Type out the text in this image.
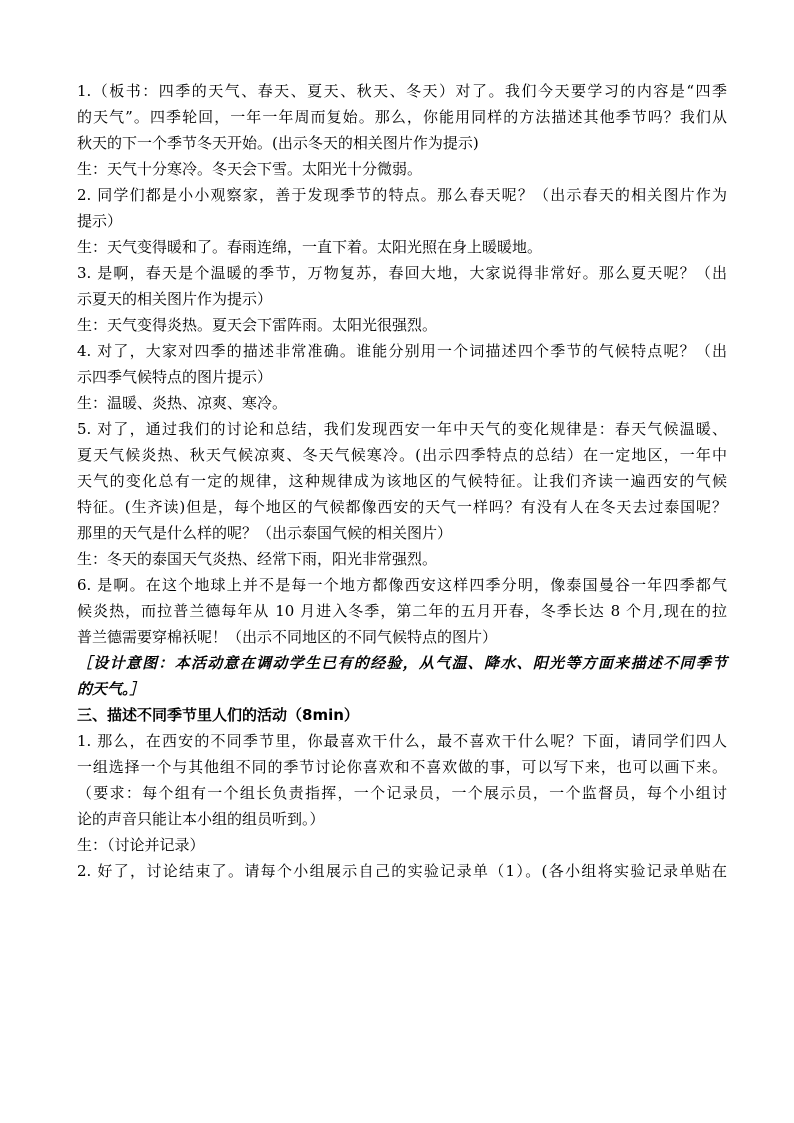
1.（板书：四季的天气、春天、夏天、秋天、冬天）对了。我们今天要学习的内容是“四季
的天气”。四季轮回，一年一年周而复始。那么，你能用同样的方法描述其他季节吗？我们从
秋天的下一个季节冬天开始。(出示冬天的相关图片作为提示)
生：天气十分寒冷。冬天会下雪。太阳光十分微弱。
2. 同学们都是小小观察家，善于发现季节的特点。那么春天呢？（出示春天的相关图片作为
提示）
生：天气变得暖和了。春雨连绵，一直下着。太阳光照在身上暖暖地。
3. 是啊，春天是个温暖的季节，万物复苏，春回大地，大家说得非常好。那么夏天呢？（出
示夏天的相关图片作为提示）
生：天气变得炎热。夏天会下雷阵雨。太阳光很强烈。
4. 对了，大家对四季的描述非常准确。谁能分别用一个词描述四个季节的气候特点呢？（出
示四季气候特点的图片提示）
生：温暖、炎热、凉爽、寒冷。
5. 对了，通过我们的讨论和总结，我们发现西安一年中天气的变化规律是：春天气候温暖、
夏天气候炎热、秋天气候凉爽、冬天气候寒冷。(出示四季特点的总结）在一定地区，一年中
天气的变化总有一定的规律，这种规律成为该地区的气候特征。让我们齐读一遍西安的气候
特征。(生齐读)但是，每个地区的气候都像西安的天气一样吗？有没有人在冬天去过泰国呢？
那里的天气是什么样的呢？（出示泰国气候的相关图片）
生：冬天的泰国天气炎热、经常下雨，阳光非常强烈。
6. 是啊。在这个地球上并不是每一个地方都像西安这样四季分明，像泰国曼谷一年四季都气
候炎热，而拉普兰德每年从 10 月进入冬季，第二年的五月开春，冬季长达 8 个月,现在的拉
普兰德需要穿棉袄呢！（出示不同地区的不同气候特点的图片）
［设计意图：本活动意在调动学生已有的经验，从气温、降水、阳光等方面来描述不同季节
的天气。］
三、描述不同季节里人们的活动（8min）
1. 那么，在西安的不同季节里，你最喜欢干什么，最不喜欢干什么呢？下面，请同学们四人
一组选择一个与其他组不同的季节讨论你喜欢和不喜欢做的事，可以写下来，也可以画下来。
（要求：每个组有一个组长负责指挥，一个记录员，一个展示员，一个监督员，每个小组讨
论的声音只能让本小组的组员听到。）
生：（讨论并记录）
2. 好了，讨论结束了。请每个小组展示自己的实验记录单（1）。(各小组将实验记录单贴在
